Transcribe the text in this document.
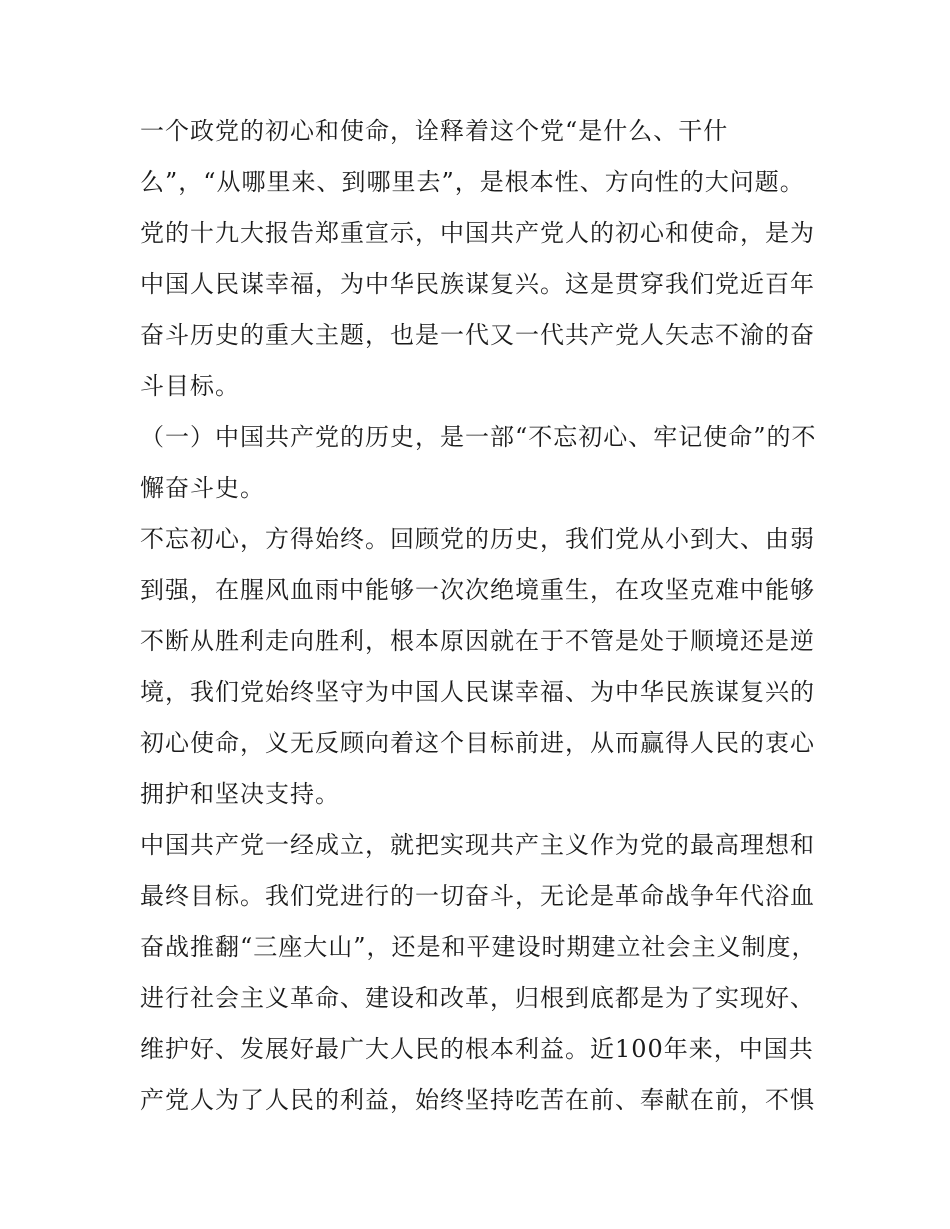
一个政党的初心和使命，诠释着这个党“是什么、干什
么”，“从哪里来、到哪里去”，是根本性、方向性的大问题。
党的十九大报告郑重宣示，中国共产党人的初心和使命，是为
中国人民谋幸福，为中华民族谋复兴。这是贯穿我们党近百年
奋斗历史的重大主题，也是一代又一代共产党人矢志不渝的奋
斗目标。
（一）中国共产党的历史，是一部“不忘初心、牢记使命”的不
懈奋斗史。
不忘初心，方得始终。回顾党的历史，我们党从小到大、由弱
到强，在腥风血雨中能够一次次绝境重生，在攻坚克难中能够
不断从胜利走向胜利，根本原因就在于不管是处于顺境还是逆
境，我们党始终坚守为中国人民谋幸福、为中华民族谋复兴的
初心使命，义无反顾向着这个目标前进，从而赢得人民的衷心
拥护和坚决支持。
中国共产党一经成立，就把实现共产主义作为党的最高理想和
最终目标。我们党进行的一切奋斗，无论是革命战争年代浴血
奋战推翻“三座大山”，还是和平建设时期建立社会主义制度，
进行社会主义革命、建设和改革，归根到底都是为了实现好、
维护好、发展好最广大人民的根本利益。近100年来，中国共
产党人为了人民的利益，始终坚持吃苦在前、奉献在前，不惧
